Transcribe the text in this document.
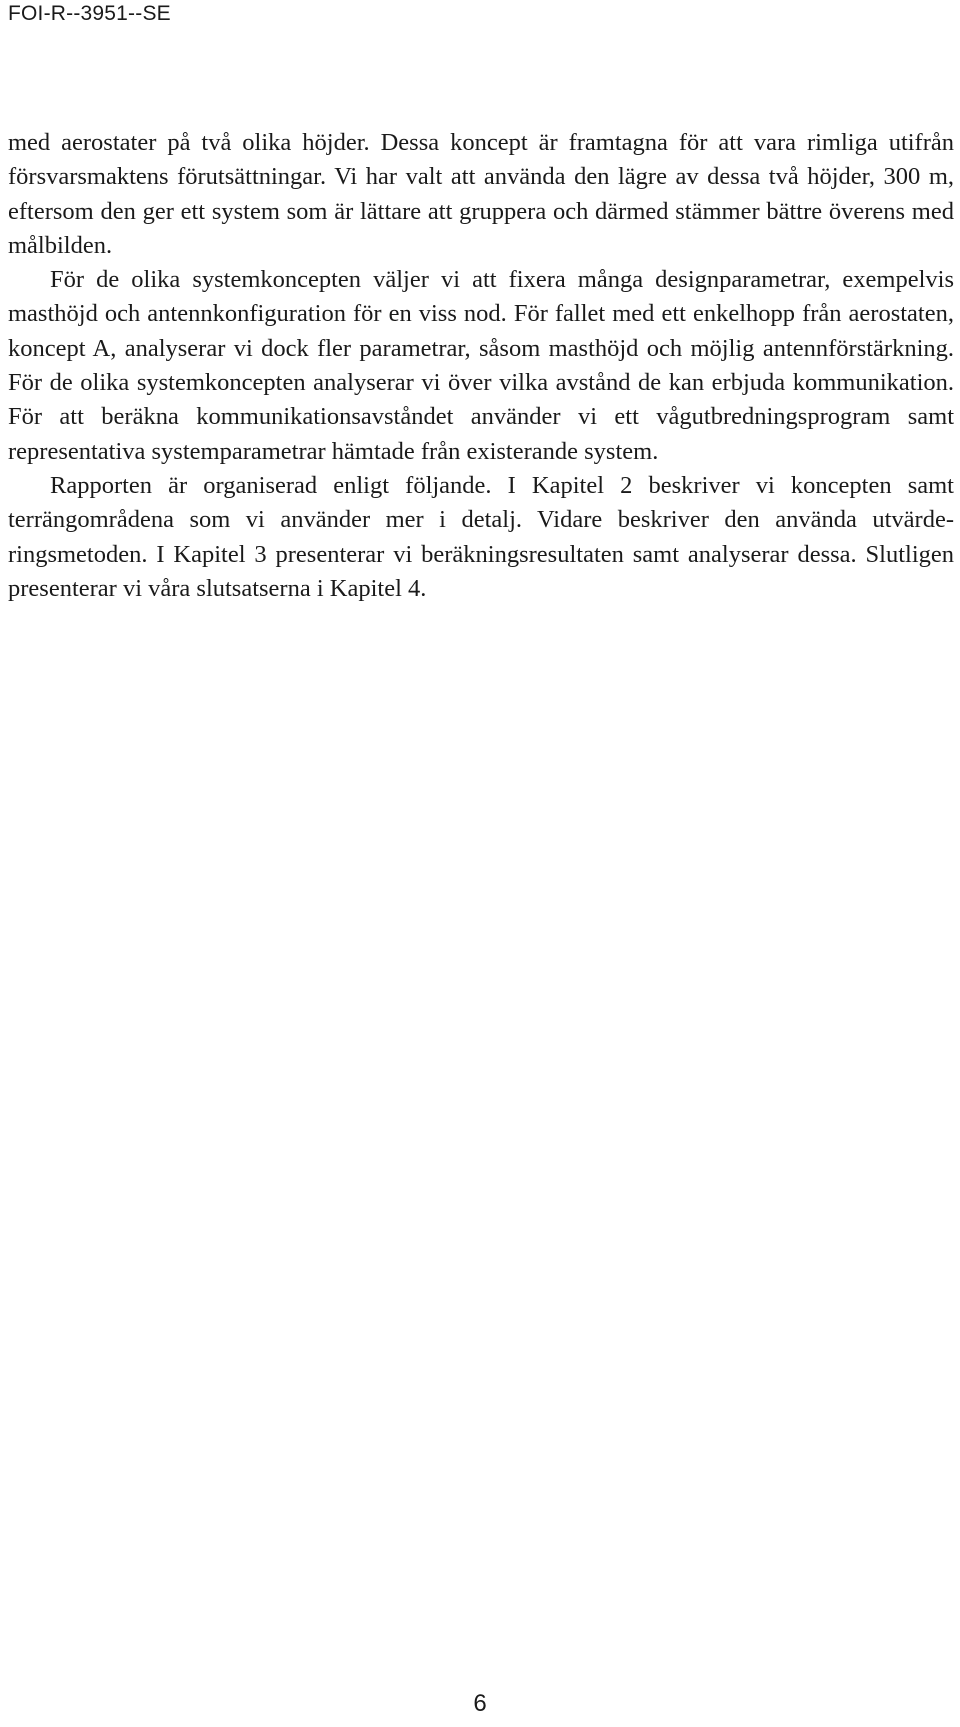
FOI-R--3951--SE

med aerostater på två olika höjder. Dessa koncept är framtagna för att vara rimliga utifrån försvarsmaktens förutsättningar. Vi har valt att använda den lägre av dessa två höjder, 300 m, eftersom den ger ett system som är lättare att gruppera och därmed stämmer bättre överens med målbilden.

För de olika systemkoncepten väljer vi att fixera många designparametrar, exempelvis masthöjd och antennkonfiguration för en viss nod. För fallet med ett enkelhopp från aerostaten, koncept A, analyserar vi dock fler parametrar, såsom masthöjd och möjlig antennförstärkning. För de olika systemkoncepten analyserar vi över vilka avstånd de kan erbjuda kommunikation. För att beräkna kommunikationsavståndet använder vi ett vågutbredningsprogram samt representativa systemparametrar hämtade från existerande system.

Rapporten är organiserad enligt följande. I Kapitel 2 beskriver vi koncepten samt terrängområdena som vi använder mer i detalj. Vidare beskriver den använda utvärderingsmetoden. I Kapitel 3 presenterar vi beräkningsresultaten samt analyserar dessa. Slutligen presenterar vi våra slutsatserna i Kapitel 4.

6
